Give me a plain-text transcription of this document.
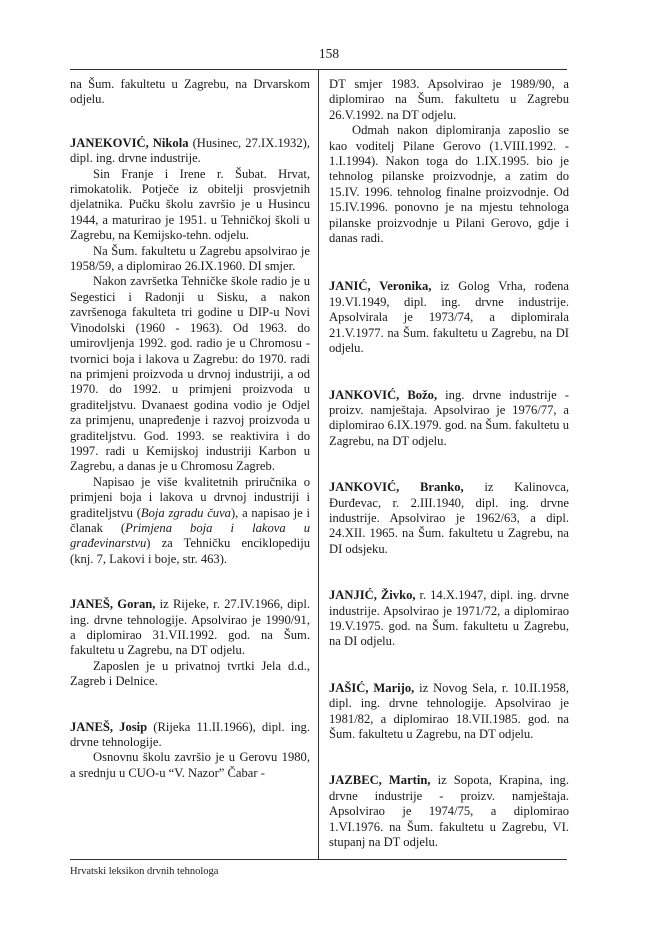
158
Hrvatski leksikon drvnih tehnologa

na Šum. fakultetu u Zagrebu, na Drvarskom odjelu.

JANEKOVIĆ, Nikola (Husinec, 27.IX.1932), dipl. ing. drvne industrije.

Sin Franje i Irene r. Šubat. Hrvat, rimokatolik. Potječe iz obitelji prosvjetnih djelatnika. Pučku školu završio je u Husincu 1944, a maturirao je 1951. u Tehničkoj školi u Zagrebu, na Kemijsko-tehn. odjelu.

Na Šum. fakultetu u Zagrebu apsolvirao je 1958/59, a diplomirao 26.IX.1960. DI smjer.

Nakon završetka Tehničke škole radio je u Segestici i Radonji u Sisku, a nakon završenoga fakulteta tri godine u DIP-u Novi Vinodolski (1960 - 1963). Od 1963. do umirovljenja 1992. god. radio je u Chromosu - tvornici boja i lakova u Zagrebu: do 1970. radi na primjeni proizvoda u drvnoj industriji, a od 1970. do 1992. u primjeni proizvoda u graditeljstvu. Dvanaest godina vodio je Odjel za primjenu, unapređenje i razvoj proizvoda u graditeljstvu. God. 1993. se reaktivira i do 1997. radi u Kemijskoj industriji Karbon u Zagrebu, a danas je u Chromosu Zagreb.

Napisao je više kvalitetnih priručnika o primjeni boja i lakova u drvnoj industriji i graditeljstvu (Boja zgradu čuva), a napisao je i članak (Primjena boja i lakova u građevinarstvu) za Tehničku enciklopediju (knj. 7, Lakovi i boje, str. 463).

JANEŠ, Goran, iz Rijeke, r. 27.IV.1966, dipl. ing. drvne tehnologije. Apsolvirao je 1990/91, a diplomirao 31.VII.1992. god. na Šum. fakultetu u Zagrebu, na DT odjelu.

Zaposlen je u privatnoj tvrtki Jela d.d., Zagreb i Delnice.

JANEŠ, Josip (Rijeka 11.II.1966), dipl. ing. drvne tehnologije.

Osnovnu školu završio je u Gerovu 1980, a srednju u CUO-u “V. Nazor” Čabar -

DT smjer 1983. Apsolvirao je 1989/90, a diplomirao na Šum. fakultetu u Zagrebu 26.V.1992. na DT odjelu.

Odmah nakon diplomiranja zaposlio se kao voditelj Pilane Gerovo (1.VIII.1992. - 1.I.1994). Nakon toga do 1.IX.1995. bio je tehnolog pilanske proizvodnje, a zatim do 15.IV. 1996. tehnolog finalne proizvodnje. Od 15.IV.1996. ponovno je na mjestu tehnologa pilanske proizvodnje u Pilani Gerovo, gdje i danas radi.

JANIĆ, Veronika, iz Golog Vrha, rođena 19.VI.1949, dipl. ing. drvne industrije. Apsolvirala je 1973/74, a diplomirala 21.V.1977. na Šum. fakultetu u Zagrebu, na DI odjelu.

JANKOVIĆ, Božo, ing. drvne industrije - proizv. namještaja. Apsolvirao je 1976/77, a diplomirao 6.IX.1979. god. na Šum. fakultetu u Zagrebu, na DT odjelu.

JANKOVIĆ, Branko, iz Kalinovca, Đurđevac, r. 2.III.1940, dipl. ing. drvne industrije. Apsolvirao je 1962/63, a dipl. 24.XII. 1965. na Šum. fakultetu u Zagrebu, na DI odsjeku.

JANJIĆ, Živko, r. 14.X.1947, dipl. ing. drvne industrije. Apsolvirao je 1971/72, a diplomirao 19.V.1975. god. na Šum. fakultetu u Zagrebu, na DI odjelu.

JAŠIĆ, Marijo, iz Novog Sela, r. 10.II.1958, dipl. ing. drvne tehnologije. Apsolvirao je 1981/82, a diplomirao 18.VII.1985. god. na Šum. fakultetu u Zagrebu, na DT odjelu.

JAZBEC, Martin, iz Sopota, Krapina, ing. drvne industrije - proizv. namještaja. Apsolvirao je 1974/75, a diplomirao 1.VI.1976. na Šum. fakultetu u Zagrebu, VI. stupanj na DT odjelu.
